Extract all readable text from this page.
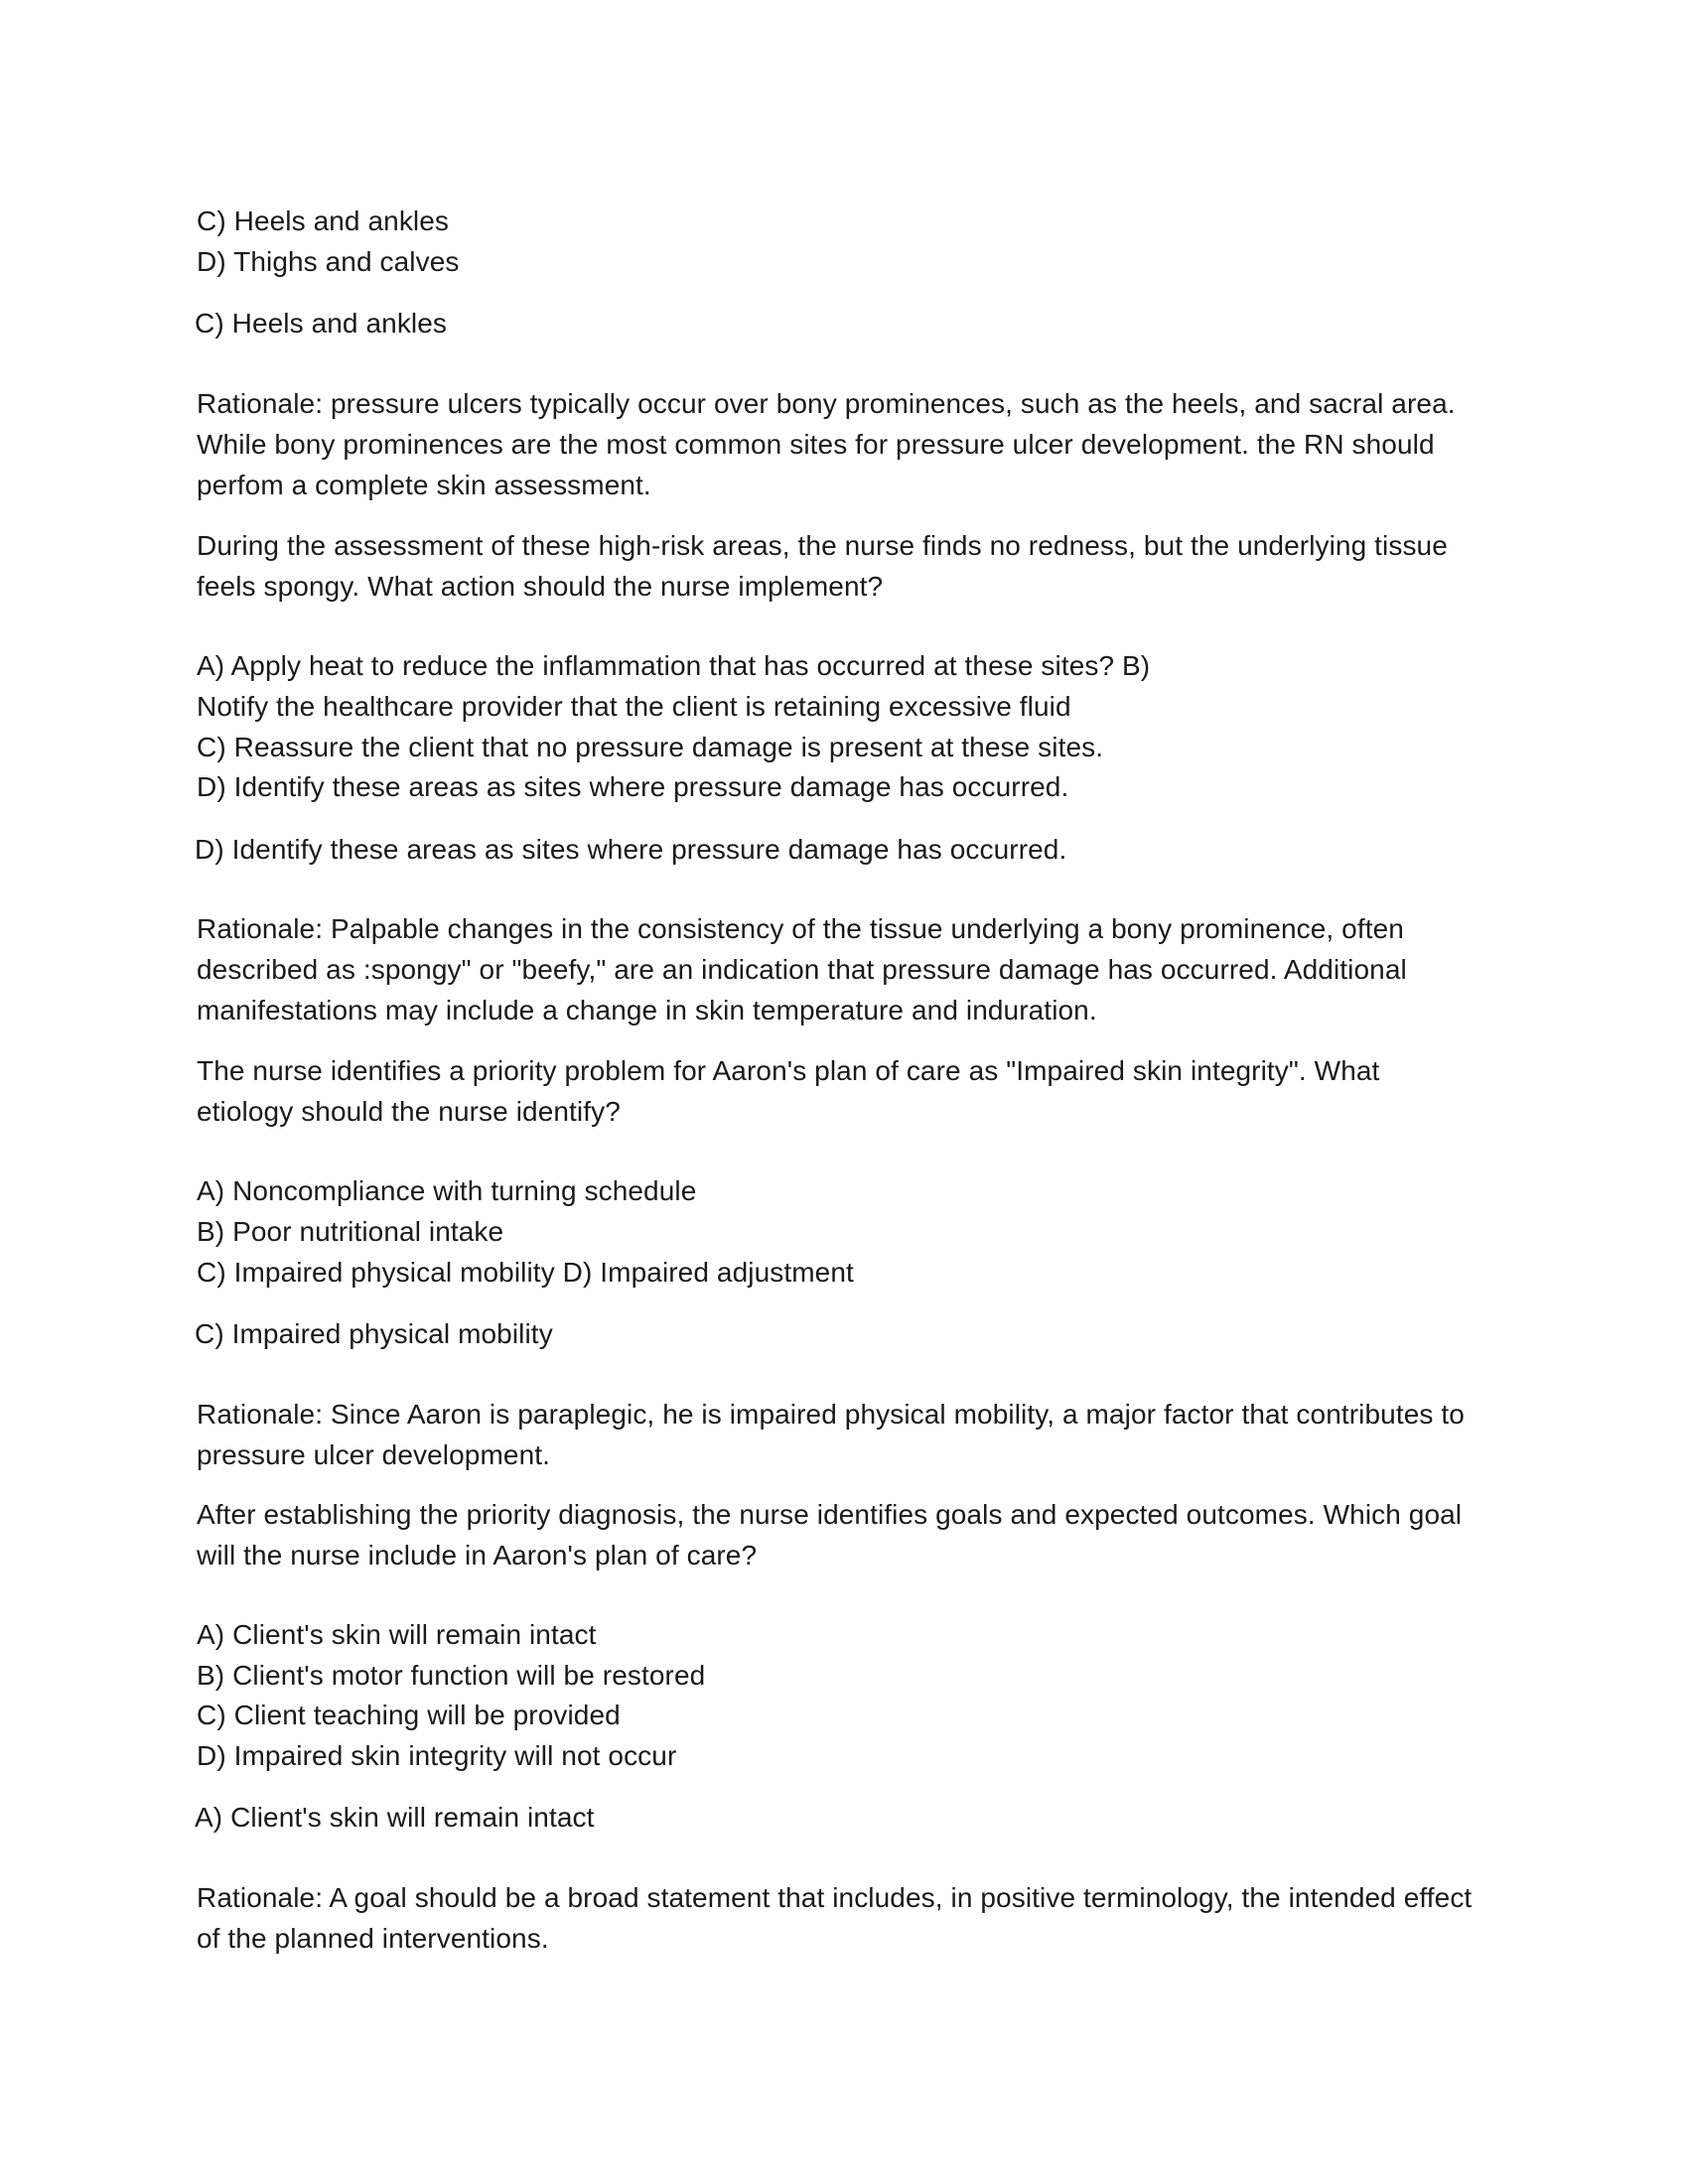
C) Heels and ankles

D) Thighs and calves

C) Heels and ankles

Rationale: pressure ulcers typically occur over bony prominences, such as the heels, and sacral area.

While bony prominences are the most common sites for pressure ulcer development. the RN should

perfom a complete skin assessment.

During the assessment of these high-risk areas, the nurse finds no redness, but the underlying tissue

feels spongy. What action should the nurse implement?

A) Apply heat to reduce the inflammation that has occurred at these sites? B)

Notify the healthcare provider that the client is retaining excessive fluid

C) Reassure the client that no pressure damage is present at these sites.

D) Identify these areas as sites where pressure damage has occurred.

D) Identify these areas as sites where pressure damage has occurred.

Rationale: Palpable changes in the consistency of the tissue underlying a bony prominence, often

described as :spongy" or "beefy," are an indication that pressure damage has occurred. Additional

manifestations may include a change in skin temperature and induration.

The nurse identifies a priority problem for Aaron's plan of care as "Impaired skin integrity". What

etiology should the nurse identify?

A) Noncompliance with turning schedule

B) Poor nutritional intake

C) Impaired physical mobility D) Impaired adjustment

C) Impaired physical mobility

Rationale: Since Aaron is paraplegic, he is impaired physical mobility, a major factor that contributes to

pressure ulcer development.

After establishing the priority diagnosis, the nurse identifies goals and expected outcomes. Which goal

will the nurse include in Aaron's plan of care?

A) Client's skin will remain intact

B) Client's motor function will be restored

C) Client teaching will be provided

D) Impaired skin integrity will not occur

A) Client's skin will remain intact

Rationale: A goal should be a broad statement that includes, in positive terminology, the intended effect

of the planned interventions.
